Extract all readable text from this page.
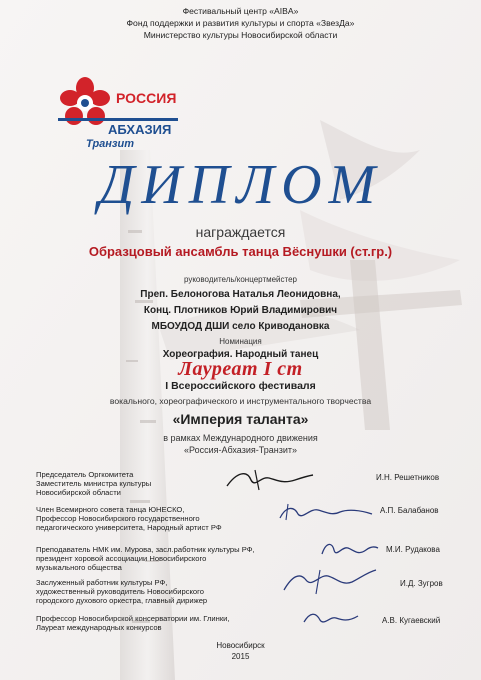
Фестивальный центр «AIBA»
Фонд поддержки и развития культуры и спорта «ЗвезДа»
Министерство культуры Новосибирской области
РОССИЯ
АБХАЗИЯ
Транзит
ДИПЛОМ
награждается
Образцовый ансамбль танца Вёснушки (ст.гр.)
руководитель/концертмейстер
Преп. Белоногова Наталья Леонидовна,
Конц. Плотников Юрий Владимирович
МБОУДОД ДШИ село Криводановка
Номинация
Хореография. Народный танец
Лауреат I ст
I Всероссийского фестиваля
вокального, хореографического и инструментального творчества
«Империя таланта»
в рамках Международного движения
«Россия-Абхазия-Транзит»
Председатель Оргкомитета
Заместитель министра культуры
Новосибирской области
И.Н. Решетников
Член Всемирного совета танца ЮНЕСКО,
Профессор Новосибирского государственного
педагогического университета, Народный артист РФ
А.П. Балабанов
Преподаватель НМК им. Мурова, засл.работник культуры РФ,
президент хоровой ассоциации Новосибирского
музыкального общества
М.И. Рудакова
Заслуженный работник культуры РФ,
художественный руководитель Новосибирского
городского духового оркестра, главный дирижер
И.Д. Зугров
Профессор Новосибирской консерватории им. Глинки,
Лауреат международных конкурсов
А.В. Кугаевский
Новосибирск
2015
